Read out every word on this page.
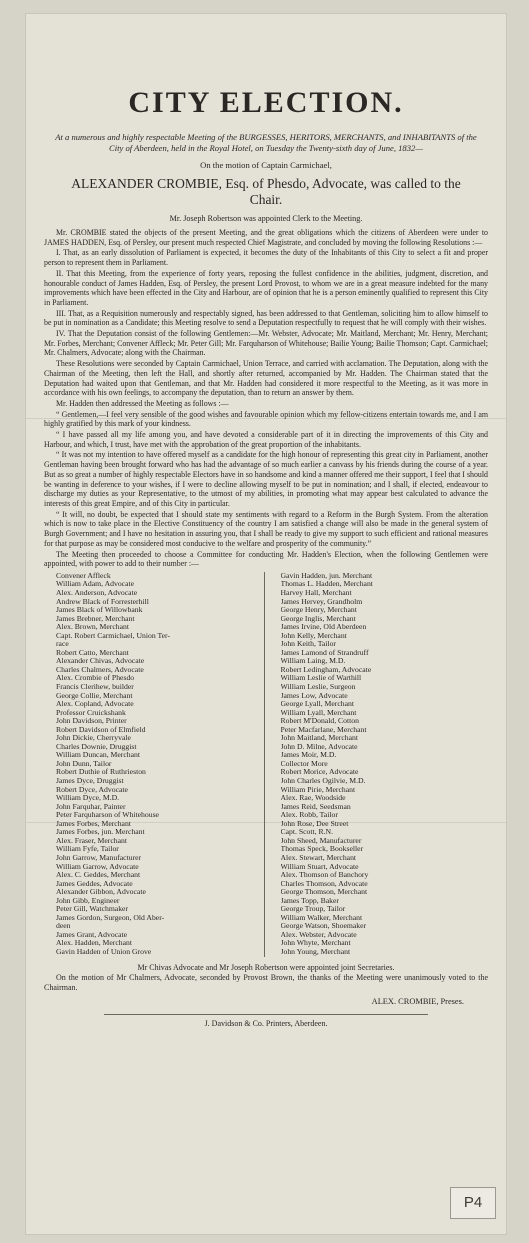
CITY ELECTION.
At a numerous and highly respectable Meeting of the BURGESSES, HERITORS, MERCHANTS, and INHABITANTS of the City of Aberdeen, held in the Royal Hotel, on Tuesday the Twenty-sixth day of June, 1832—
On the motion of Captain Carmichael,
ALEXANDER CROMBIE, Esq. of Phesdo, Advocate, was called to the Chair.
Mr. Joseph Robertson was appointed Clerk to the Meeting.

Mr. CROMBIE stated the objects of the present Meeting, and the great obligations which the citizens of Aberdeen were under to JAMES HADDEN, Esq. of Persley, our present much respected Chief Magistrate, and concluded by moving the following Resolutions :—

I. That, as an early dissolution of Parliament is expected, it becomes the duty of the Inhabitants of this City to select a fit and proper person to represent them in Parliament.

II. That this Meeting, from the experience of forty years, reposing the fullest confidence in the abilities, judgment, discretion, and honourable conduct of James Hadden, Esq. of Persley, the present Lord Provost, to whom we are in a great measure indebted for the many improvements which have been effected in the City and Harbour, are of opinion that he is a person eminently qualified to represent this City in Parliament.

III. That, as a Requisition numerously and respectably signed, has been addressed to that Gentleman, soliciting him to allow himself to be put in nomination as a Candidate; this Meeting resolve to send a Deputation respectfully to request that he will comply with their wishes.

IV. That the Deputation consist of the following Gentlemen:—Mr. Webster, Advocate; Mr. Maitland, Merchant; Mr. Henry, Merchant; Mr. Forbes, Merchant; Convener Affleck; Mr. Peter Gill; Mr. Farquharson of Whitehouse; Bailie Young; Bailie Thomson; Capt. Carmichael; Mr. Chalmers, Advocate; along with the Chairman.

These Resolutions were seconded by Captain Carmichael, Union Terrace, and carried with acclamation. The Deputation, along with the Chairman of the Meeting, then left the Hall, and shortly after returned, accompanied by Mr. Hadden. The Chairman stated that the Deputation had waited upon that Gentleman, and that Mr. Hadden had considered it more respectful to the Meeting, as it was more in accordance with his own feelings, to accompany the deputation, than to return an answer by them.

Mr. Hadden then addressed the Meeting as follows :—

“ Gentlemen,—I feel very sensible of the good wishes and favourable opinion which my fellow-citizens entertain towards me, and I am highly gratified by this mark of your kindness.

“ I have passed all my life among you, and have devoted a considerable part of it in directing the improvements of this City and Harbour, and which, I trust, have met with the approbation of the great proportion of the inhabitants.

“ It was not my intention to have offered myself as a candidate for the high honour of representing this great city in Parliament, another Gentleman having been brought forward who has had the advantage of so much earlier a canvass by his friends during the course of a year. But as so great a number of highly respectable Electors have in so handsome and kind a manner offered me their support, I feel that I should be wanting in deference to your wishes, if I were to decline allowing myself to be put in nomination; and I shall, if elected, endeavour to discharge my duties as your Representative, to the utmost of my abilities, in promoting what may appear best calculated to advance the interests of this great Empire, and of this City in particular.

“ It will, no doubt, be expected that I should state my sentiments with regard to a Reform in the Burgh System. From the alteration which is now to take place in the Elective Constituency of the country I am satisfied a change will also be made in the general system of Burgh Government; and I have no hesitation in assuring you, that I shall be ready to give my support to such efficient and rational measures for that purpose as may be considered most conducive to the welfare and prosperity of the community.”

The Meeting then proceeded to choose a Committee for conducting Mr. Hadden's Election, when the following Gentlemen were appointed, with power to add to their number :—

Convener Affleck
William Adam, Advocate
Alex. Anderson, Advocate
Andrew Black of Forresterhill
James Black of Willowbank
James Brebner, Merchant
Alex. Brown, Merchant
Capt. Robert Carmichael, Union Ter-
race
Robert Catto, Merchant
Alexander Chivas, Advocate
Charles Chalmers, Advocate
Alex. Crombie of Phesdo
Francis Clerihew, builder
George Collie, Merchant
Alex. Copland, Advocate
Professor Cruickshank
John Davidson, Printer
Robert Davidson of Elmfield
John Dickie, Cherryvale
Charles Downie, Druggist
William Duncan, Merchant
John Dunn, Tailor
Robert Duthie of Ruthrieston
James Dyce, Druggist
Robert Dyce, Advocate
William Dyce, M.D.
John Farquhar, Painter
Peter Farquharson of Whitehouse
James Forbes, Merchant
James Forbes, jun. Merchant
Alex. Fraser, Merchant
William Fyfe, Tailor
John Garrow, Manufacturer
William Garrow, Advocate
Alex. C. Geddes, Merchant
James Geddes, Advocate
Alexander Gibbon, Advocate
John Gibb, Engineer
Peter Gill, Watchmaker
James Gordon, Surgeon, Old Aber-
deen
James Grant, Advocate
Alex. Hadden, Merchant
Gavin Hadden of Union Grove
Gavin Hadden, jun. Merchant
Thomas L. Hadden, Merchant
Harvey Hall, Merchant
James Hervey, Grandholm
George Henry, Merchant
George Inglis, Merchant
James Irvine, Old Aberdeen
John Kelly, Merchant
John Keith, Tailor
James Lamond of Strandruff
William Laing, M.D.
Robert Ledingham, Advocate
William Leslie of Warthill
William Leslie, Surgeon
James Low, Advocate
George Lyall, Merchant
William Lyall, Merchant
Robert M'Donald, Cotton
Peter Macfarlane, Merchant
John Maitland, Merchant
John D. Milne, Advocate
James Moir, M.D.
Collector More
Robert Morice, Advocate
John Charles Ogilvie, M.D.
William Pirie, Merchant
Alex. Rae, Woodside
James Reid, Seedsman
Alex. Robb, Tailor
John Rose, Dee Street
Capt. Scott, R.N.
John Sheed, Manufacturer
Thomas Speck, Bookseller
Alex. Stewart, Merchant
William Stuart, Advocate
Alex. Thomson of Banchory
Charles Thomson, Advocate
George Thomson, Merchant
James Topp, Baker
George Troup, Tailor
William Walker, Merchant
George Watson, Shoemaker
Alex. Webster, Advocate
John Whyte, Merchant
John Young, Merchant

Mr Chivas Advocate and Mr Joseph Robertson were appointed joint Secretaries.

On the motion of Mr Chalmers, Advocate, seconded by Provost Brown, the thanks of the Meeting were unanimously voted to the Chairman.

ALEX. CROMBIE, Preses.
J. Davidson & Co. Printers, Aberdeen.
P4
